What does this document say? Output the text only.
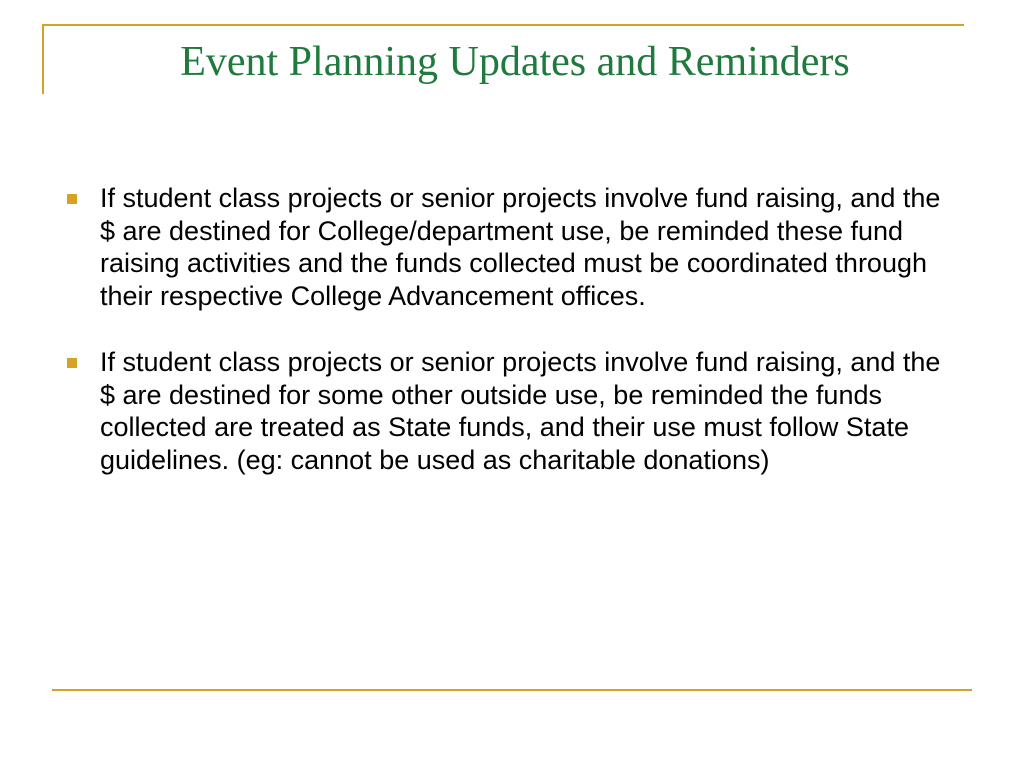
Event Planning Updates and Reminders
If student class projects or senior projects involve fund raising, and the $ are destined for College/department use, be reminded these fund raising activities and the funds collected must be coordinated through their respective College Advancement offices.
If student class projects or senior projects involve fund raising, and the $ are destined for some other outside use, be reminded the funds collected are treated as State funds, and their use must follow State guidelines. (eg: cannot be used as charitable donations)
